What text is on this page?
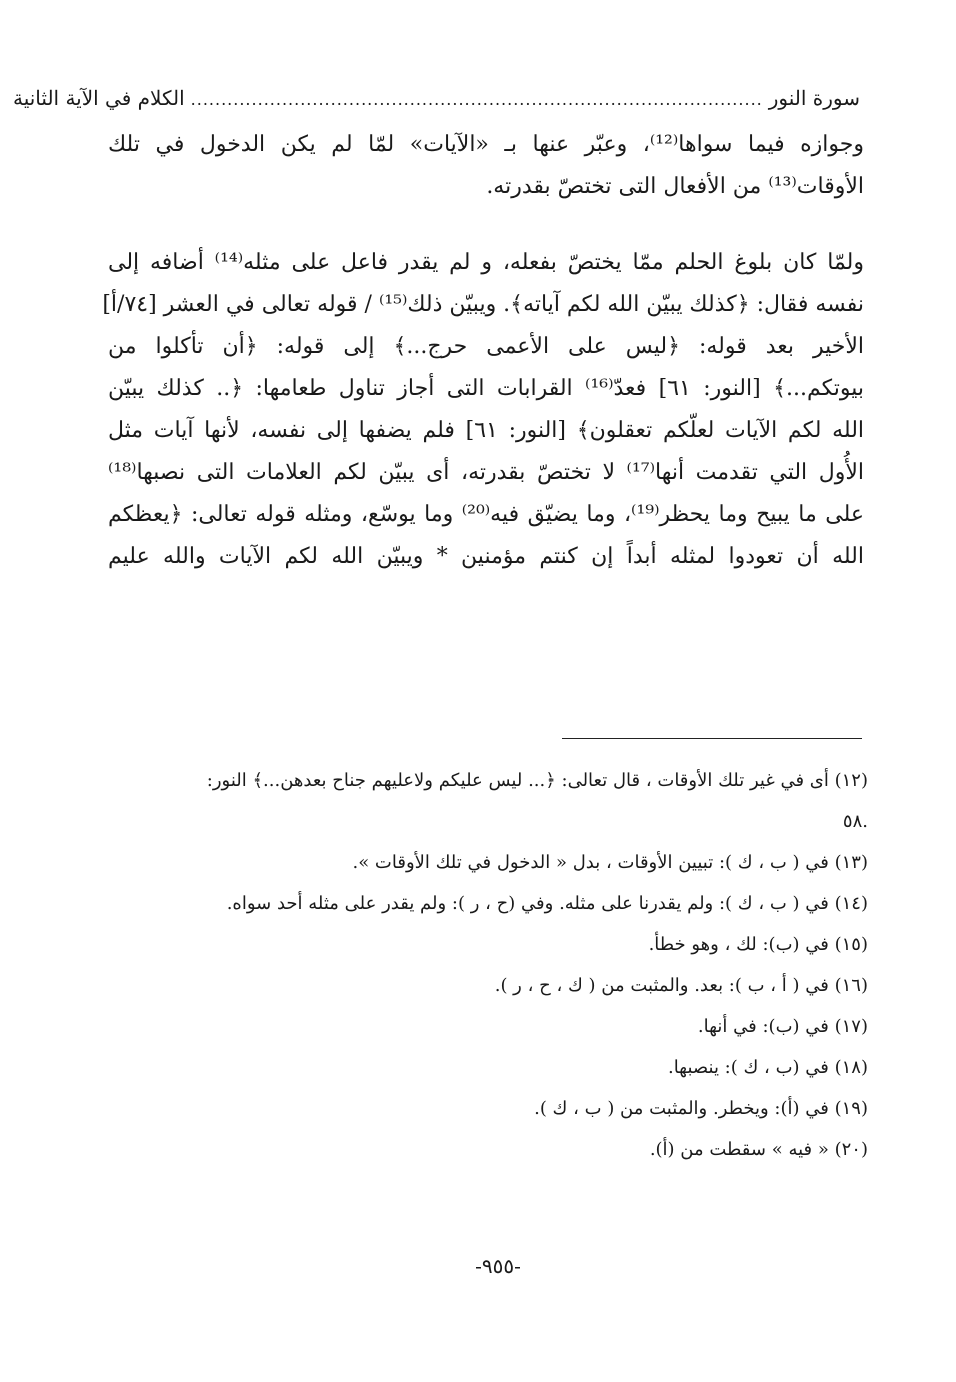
سورة النور
..............................................................................................
الكلام في الآية الثانية
وجوازه فيما سواها⁽¹²⁾، وعبّر عنها بـ «الآيات» لمّا لم يكن الدخول في تلك
الأوقات⁽¹³⁾ من الأفعال التى تختصّ بقدرته.
ولمّا كان بلوغ الحلم ممّا يختصّ بفعله، و لم يقدر فاعل على مثله⁽¹⁴⁾ أضافه إلى
نفسه فقال: ﴿كذلك يبيّن الله لكم آياته﴾. ويبيّن ذلك⁽¹⁵⁾ / قوله تعالى في العشر [٧٤/أ]
الأخير بعد قوله: ﴿ليس على الأعمى حرج...﴾ إلى قوله: ﴿أن تأكلوا من
بيوتكم...﴾ [النور: ٦١] فعدّ⁽¹⁶⁾ القرابات التى أجاز تناول طعامها: ﴿.. كذلك يبيّن
الله لكم الآيات لعلّكم تعقلون﴾ [النور: ٦١] فلم يضفها إلى نفسه، لأنها آيات مثل
الأُول التي تقدمت أنها⁽¹⁷⁾ لا تختصّ بقدرته، أى يبيّن لكم العلامات التى نصبها⁽¹⁸⁾
على ما يبيح وما يحظر⁽¹⁹⁾، وما يضيّق فيه⁽²⁰⁾ وما يوسّع، ومثله قوله تعالى: ﴿يعظكم
الله أن تعودوا لمثله أبداً إن كنتم مؤمنين * ويبيّن الله لكم الآيات والله عليم
(١٢) أى في غير تلك الأوقات ، قال تعالى: ﴿... ليس عليكم ولاعليهم جناح بعدهن...﴾ النور:
.٥٨
(١٣) في ( ب ، ك ): تبيين الأوقات ، بدل « الدخول في تلك الأوقات ».
(١٤) في ( ب ، ك ): ولم يقدرنا على مثله. وفي (ح ، ر ): ولم يقدر على مثله أحد سواه.
(١٥) في (ب): لك ، وهو خطأ.
(١٦) في ( أ ، ب ): بعد. والمثبت من ( ك ، ح ، ر ).
(١٧) في (ب): في أنها.
(١٨) في (ب ، ك ): ينصبها.
(١٩) في (أ): ويخطر. والمثبت من ( ب ، ك ).
(٢٠) « فيه » سقطت من (أ).
-٩٥٥-
